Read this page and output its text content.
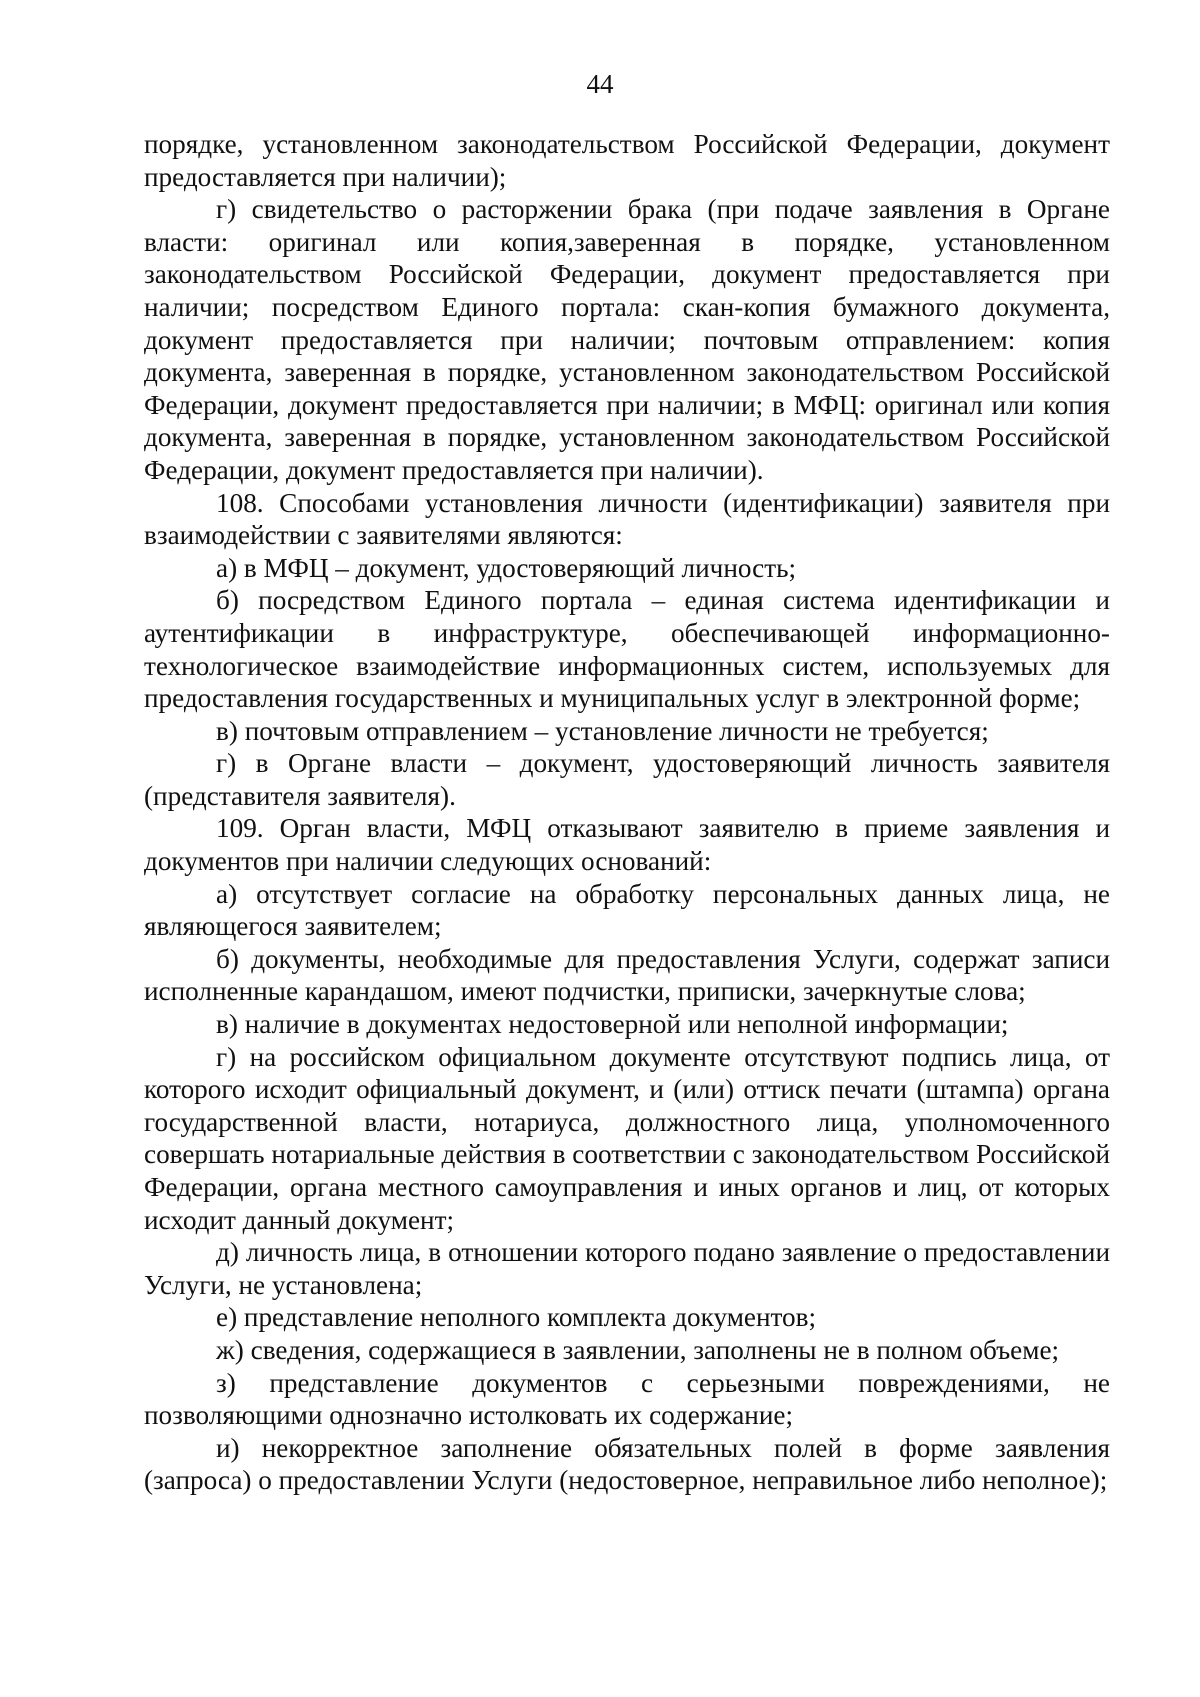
44

порядке, установленном законодательством Российской Федерации, документ предоставляется при наличии);

г) свидетельство о расторжении брака (при подаче заявления в Органе власти: оригинал или копия,заверенная в порядке, установленном законодательством Российской Федерации, документ предоставляется при наличии; посредством Единого портала: скан-копия бумажного документа, документ предоставляется при наличии; почтовым отправлением: копия документа, заверенная в порядке, установленном законодательством Российской Федерации, документ предоставляется при наличии; в МФЦ: оригинал или копия документа, заверенная в порядке, установленном законодательством Российской Федерации, документ предоставляется при наличии).

108. Способами установления личности (идентификации) заявителя при взаимодействии с заявителями являются:

а) в МФЦ – документ, удостоверяющий личность;

б) посредством Единого портала – единая система идентификации и аутентификации в инфраструктуре, обеспечивающей информационно-технологическое взаимодействие информационных систем, используемых для предоставления государственных и муниципальных услуг в электронной форме;

в) почтовым отправлением – установление личности не требуется;

г) в Органе власти – документ, удостоверяющий личность заявителя (представителя заявителя).

109. Орган власти, МФЦ отказывают заявителю в приеме заявления и документов при наличии следующих оснований:

а) отсутствует согласие на обработку персональных данных лица, не являющегося заявителем;

б) документы, необходимые для предоставления Услуги, содержат записи исполненные карандашом, имеют подчистки, приписки, зачеркнутые слова;

в) наличие в документах недостоверной или неполной информации;

г) на российском официальном документе отсутствуют подпись лица, от которого исходит официальный документ, и (или) оттиск печати (штампа) органа государственной власти, нотариуса, должностного лица, уполномоченного совершать нотариальные действия в соответствии с законодательством Российской Федерации, органа местного самоуправления и иных органов и лиц, от которых исходит данный документ;

д) личность лица, в отношении которого подано заявление о предоставлении Услуги, не установлена;

е) представление неполного комплекта документов;

ж) сведения, содержащиеся в заявлении, заполнены не в полном объеме;

з) представление документов с серьезными повреждениями, не позволяющими однозначно истолковать их содержание;

и) некорректное заполнение обязательных полей в форме заявления (запроса) о предоставлении Услуги (недостоверное, неправильное либо неполное);
